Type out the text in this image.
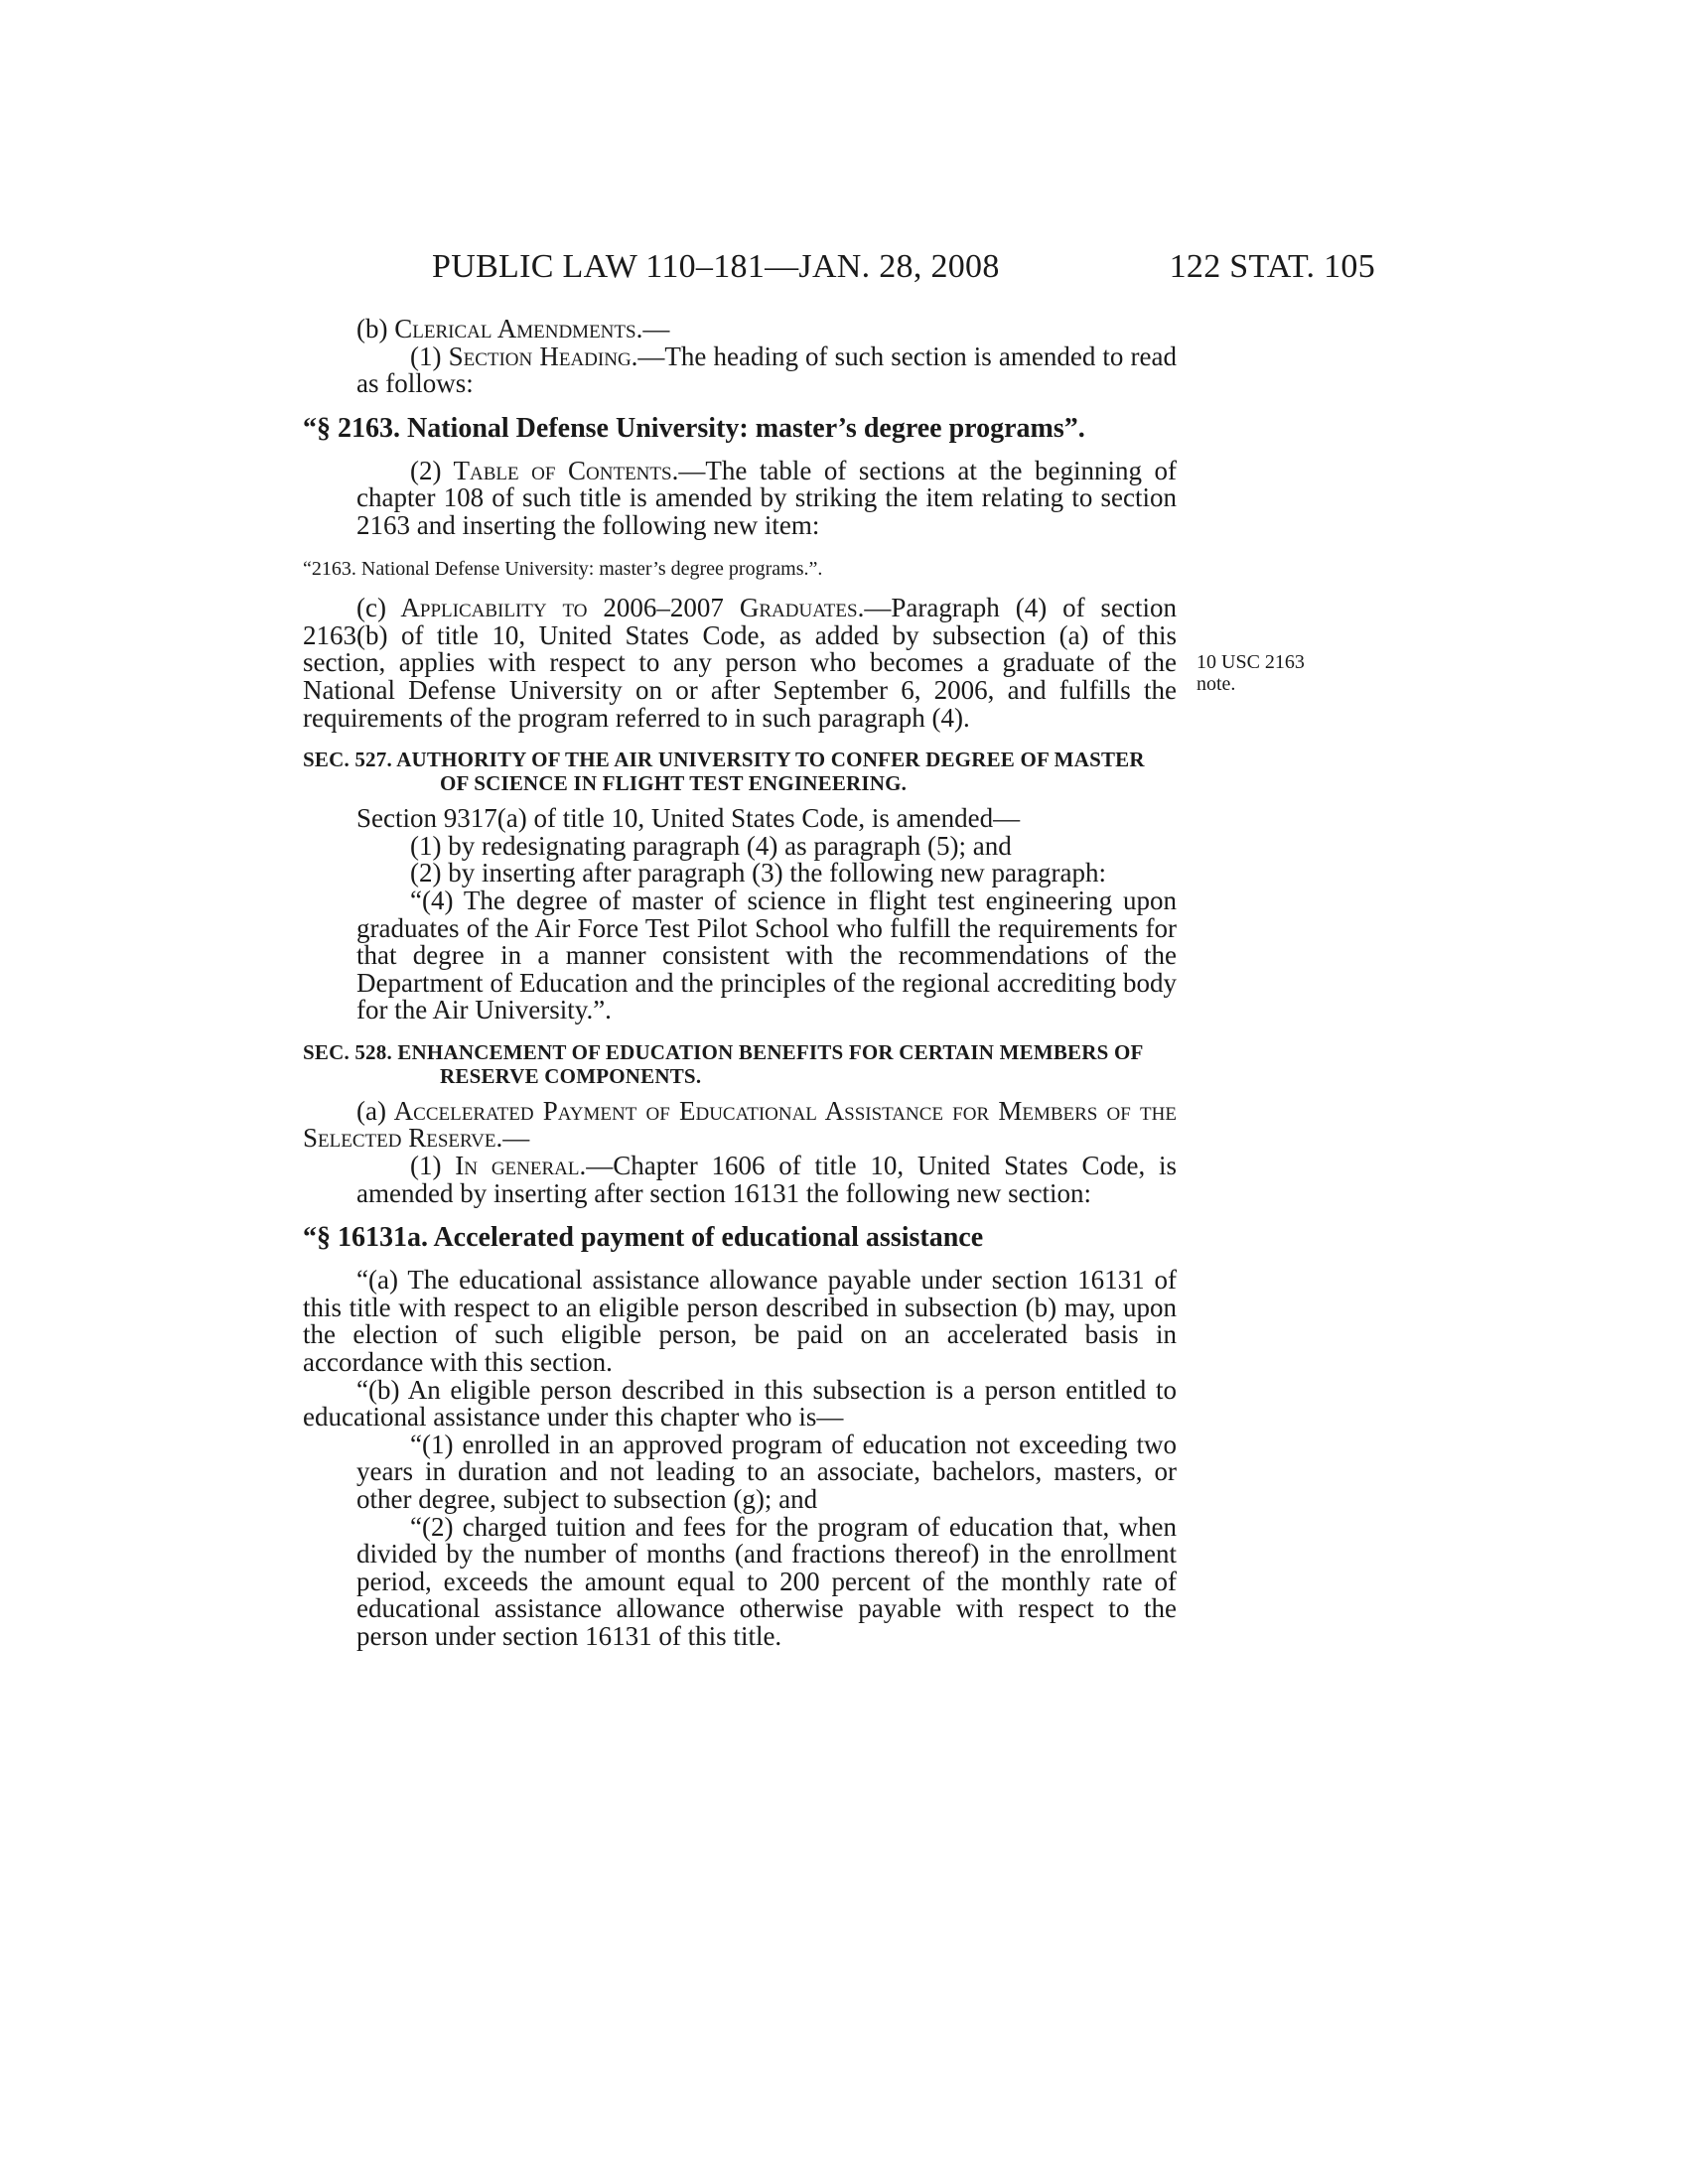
PUBLIC LAW 110–181—JAN. 28, 2008	122 STAT. 105
10 USC 2163
note.

(b) Clerical Amendments.—

(1) Section Heading.—The heading of such section is amended to read as follows:

“§ 2163. National Defense University: master’s degree programs”.

(2) Table of Contents.—The table of sections at the beginning of chapter 108 of such title is amended by striking the item relating to section 2163 and inserting the following new item:

“2163. National Defense University: master’s degree programs.”.

(c) Applicability to 2006–2007 Graduates.—Paragraph (4) of section 2163(b) of title 10, United States Code, as added by subsection (a) of this section, applies with respect to any person who becomes a graduate of the National Defense University on or after September 6, 2006, and fulfills the requirements of the program referred to in such paragraph (4).

SEC. 527. AUTHORITY OF THE AIR UNIVERSITY TO CONFER DEGREE OF MASTER OF SCIENCE IN FLIGHT TEST ENGINEERING.

Section 9317(a) of title 10, United States Code, is amended—

(1) by redesignating paragraph (4) as paragraph (5); and

(2) by inserting after paragraph (3) the following new paragraph:

“(4) The degree of master of science in flight test engineering upon graduates of the Air Force Test Pilot School who fulfill the requirements for that degree in a manner consistent with the recommendations of the Department of Education and the principles of the regional accrediting body for the Air University.”.

SEC. 528. ENHANCEMENT OF EDUCATION BENEFITS FOR CERTAIN MEMBERS OF RESERVE COMPONENTS.

(a) Accelerated Payment of Educational Assistance for Members of the Selected Reserve.—

(1) In general.—Chapter 1606 of title 10, United States Code, is amended by inserting after section 16131 the following new section:

“§ 16131a. Accelerated payment of educational assistance

“(a) The educational assistance allowance payable under section 16131 of this title with respect to an eligible person described in subsection (b) may, upon the election of such eligible person, be paid on an accelerated basis in accordance with this section.

“(b) An eligible person described in this subsection is a person entitled to educational assistance under this chapter who is—

“(1) enrolled in an approved program of education not exceeding two years in duration and not leading to an associate, bachelors, masters, or other degree, subject to subsection (g); and

“(2) charged tuition and fees for the program of education that, when divided by the number of months (and fractions thereof) in the enrollment period, exceeds the amount equal to 200 percent of the monthly rate of educational assistance allowance otherwise payable with respect to the person under section 16131 of this title.
